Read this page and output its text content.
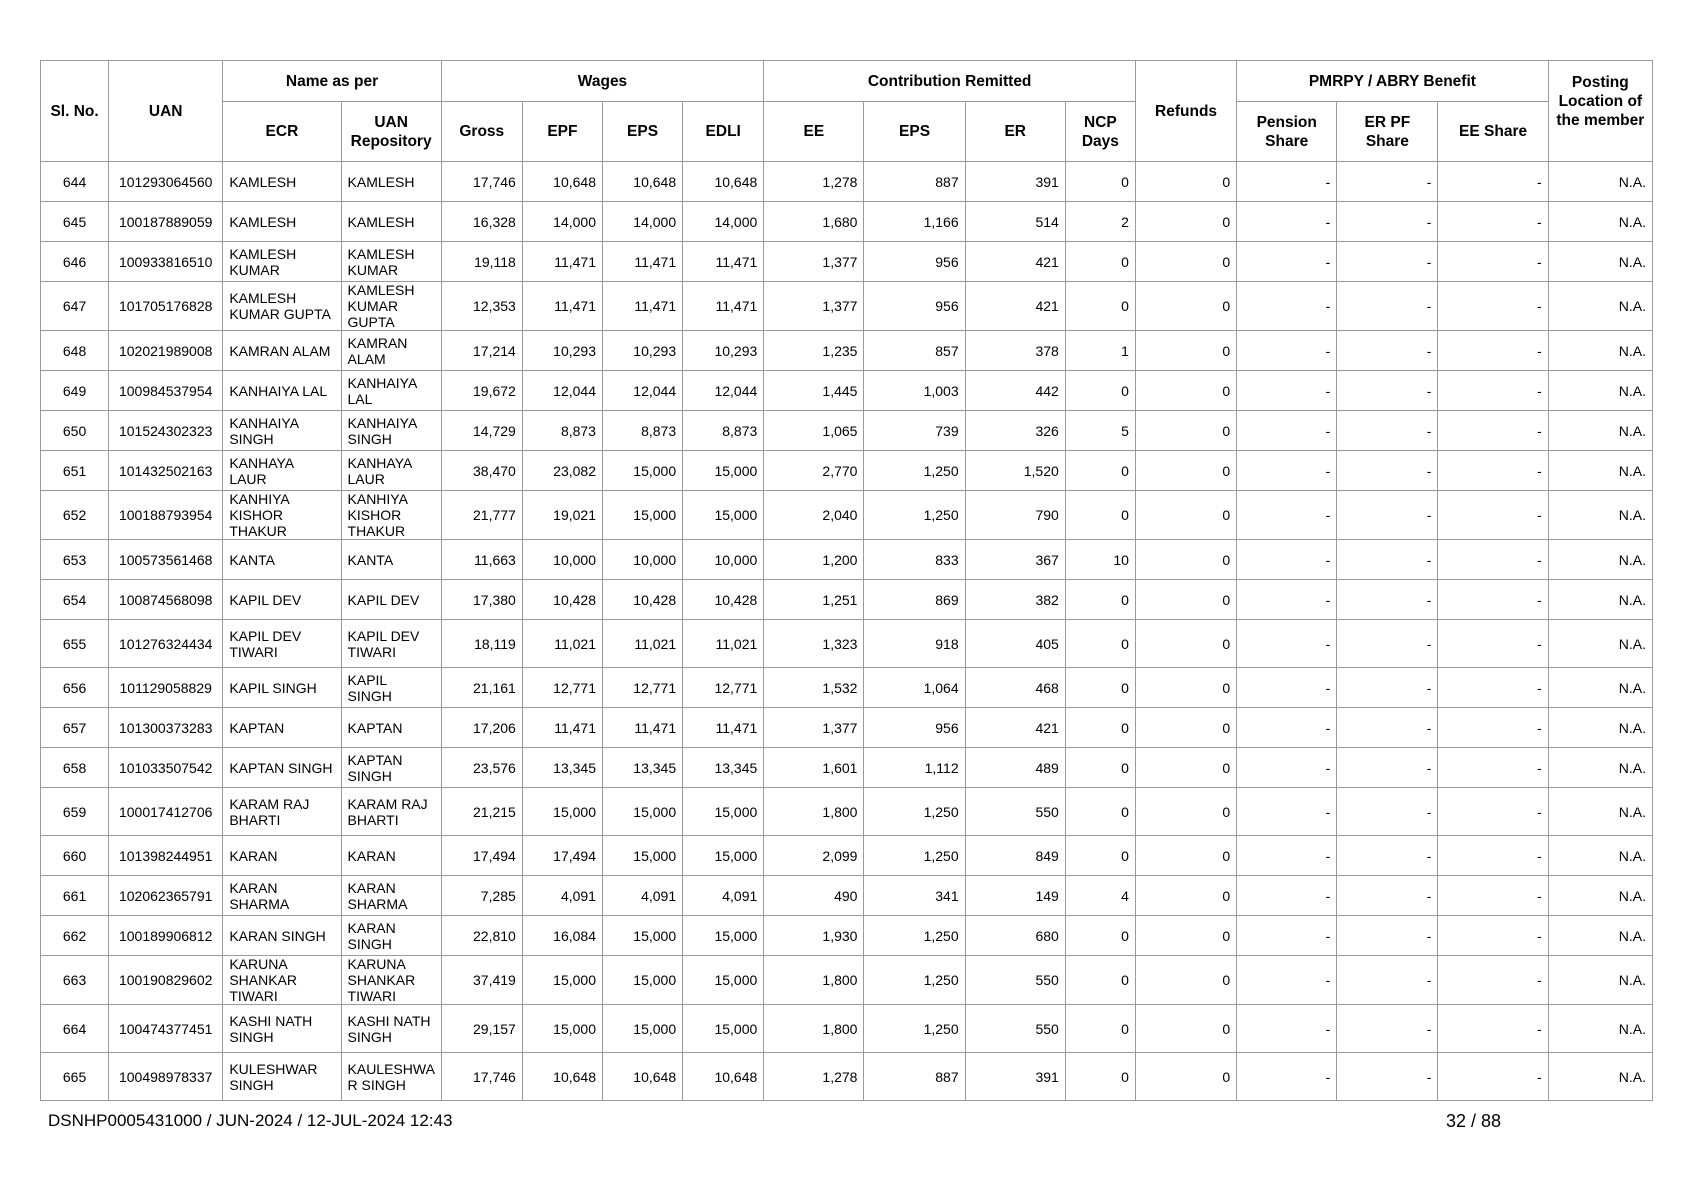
Sl. No.	UAN	Name as per		Wages				Contribution Remitted				Refunds	PMRPY / ABRY Benefit			Posting Location of the member
		ECR	UAN Repository	Gross	EPF	EPS	EDLI	EE	EPS	ER	NCP Days		Pension Share	ER PF Share	EE Share	
644	101293064560	KAMLESH	KAMLESH	17,746	10,648	10,648	10,648	1,278	887	391	0	0	-	-	-	N.A.
645	100187889059	KAMLESH	KAMLESH	16,328	14,000	14,000	14,000	1,680	1,166	514	2	0	-	-	-	N.A.
646	100933816510	KAMLESH KUMAR	KAMLESH KUMAR	19,118	11,471	11,471	11,471	1,377	956	421	0	0	-	-	-	N.A.
647	101705176828	KAMLESH KUMAR GUPTA	KAMLESH KUMAR GUPTA	12,353	11,471	11,471	11,471	1,377	956	421	0	0	-	-	-	N.A.
648	102021989008	KAMRAN ALAM	KAMRAN ALAM	17,214	10,293	10,293	10,293	1,235	857	378	1	0	-	-	-	N.A.
649	100984537954	KANHAIYA LAL	KANHAIYA LAL	19,672	12,044	12,044	12,044	1,445	1,003	442	0	0	-	-	-	N.A.
650	101524302323	KANHAIYA SINGH	KANHAIYA SINGH	14,729	8,873	8,873	8,873	1,065	739	326	5	0	-	-	-	N.A.
651	101432502163	KANHAYA LAUR	KANHAYA LAUR	38,470	23,082	15,000	15,000	2,770	1,250	1,520	0	0	-	-	-	N.A.
652	100188793954	KANHIYA KISHOR THAKUR	KANHIYA KISHOR THAKUR	21,777	19,021	15,000	15,000	2,040	1,250	790	0	0	-	-	-	N.A.
653	100573561468	KANTA	KANTA	11,663	10,000	10,000	10,000	1,200	833	367	10	0	-	-	-	N.A.
654	100874568098	KAPIL DEV	KAPIL DEV	17,380	10,428	10,428	10,428	1,251	869	382	0	0	-	-	-	N.A.
655	101276324434	KAPIL DEV TIWARI	KAPIL DEV TIWARI	18,119	11,021	11,021	11,021	1,323	918	405	0	0	-	-	-	N.A.
656	101129058829	KAPIL SINGH	KAPIL SINGH	21,161	12,771	12,771	12,771	1,532	1,064	468	0	0	-	-	-	N.A.
657	101300373283	KAPTAN	KAPTAN	17,206	11,471	11,471	11,471	1,377	956	421	0	0	-	-	-	N.A.
658	101033507542	KAPTAN SINGH	KAPTAN SINGH	23,576	13,345	13,345	13,345	1,601	1,112	489	0	0	-	-	-	N.A.
659	100017412706	KARAM RAJ BHARTI	KARAM RAJ BHARTI	21,215	15,000	15,000	15,000	1,800	1,250	550	0	0	-	-	-	N.A.
660	101398244951	KARAN	KARAN	17,494	17,494	15,000	15,000	2,099	1,250	849	0	0	-	-	-	N.A.
661	102062365791	KARAN SHARMA	KARAN SHARMA	7,285	4,091	4,091	4,091	490	341	149	4	0	-	-	-	N.A.
662	100189906812	KARAN SINGH	KARAN SINGH	22,810	16,084	15,000	15,000	1,930	1,250	680	0	0	-	-	-	N.A.
663	100190829602	KARUNA SHANKAR TIWARI	KARUNA SHANKAR TIWARI	37,419	15,000	15,000	15,000	1,800	1,250	550	0	0	-	-	-	N.A.
664	100474377451	KASHI NATH SINGH	KASHI NATH SINGH	29,157	15,000	15,000	15,000	1,800	1,250	550	0	0	-	-	-	N.A.
665	100498978337	KULESHWAR SINGH	KAULESHWA R SINGH	17,746	10,648	10,648	10,648	1,278	887	391	0	0	-	-	-	N.A.
DSNHP0005431000 / JUN-2024 / 12-JUL-2024 12:43	32 / 88
